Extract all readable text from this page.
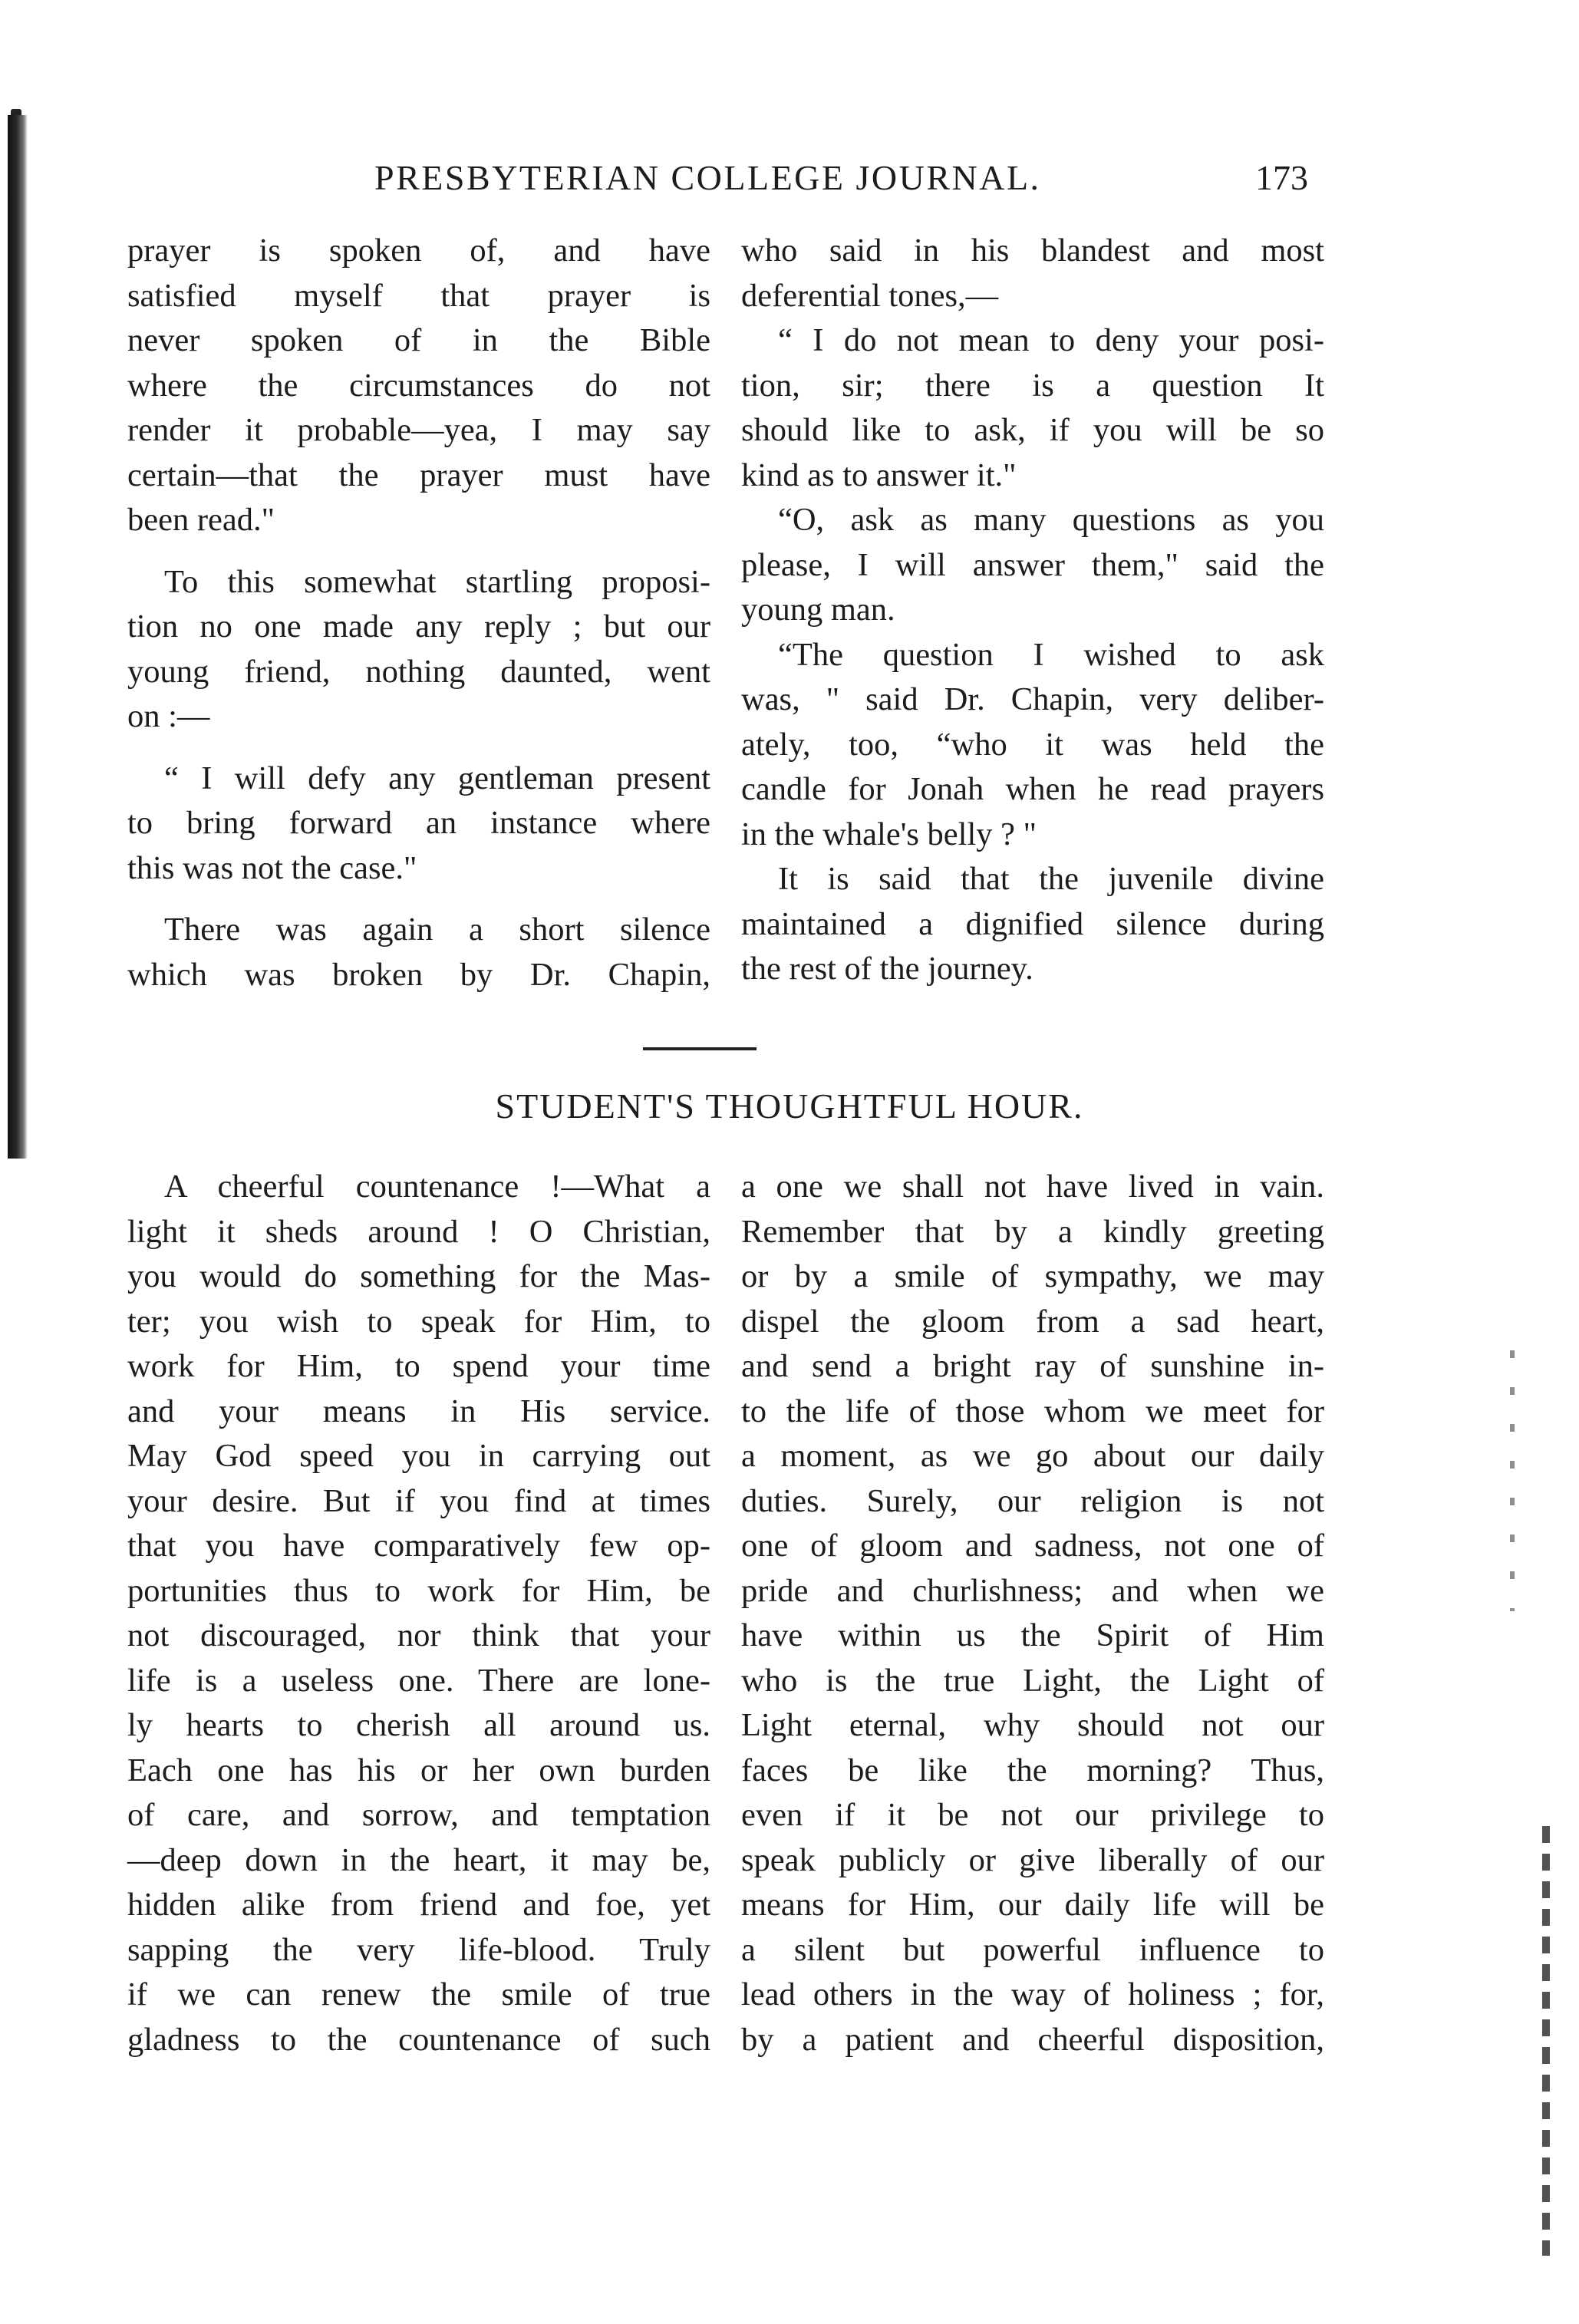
PRESBYTERIAN COLLEGE JOURNAL.	173

prayer is spoken of, and have

satisfied myself that prayer is

never spoken of in the Bible

where the circumstances do not

render it probable—yea, I may say

certain—that the prayer must have

been read."

To this somewhat startling proposi-

tion no one made any reply ; but our

young friend, nothing daunted, went

on :—

“ I will defy any gentleman present

to bring forward an instance where

this was not the case."

There was again a short silence

which was broken by Dr. Chapin,

who said in his blandest and most

deferential tones,—

“ I do not mean to deny your posi-

tion, sir; there is a question It

should like to ask, if you will be so

kind as to answer it."

“O, ask as many questions as you

please, I will answer them," said the

young man.

“The question I wished to ask

was, " said Dr. Chapin, very deliber-

ately, too, “who it was held the

candle for Jonah when he read prayers

in the whale's belly ? "

It is said that the juvenile divine

maintained a dignified silence during

the rest of the journey.

STUDENT'S THOUGHTFUL HOUR.

A cheerful countenance !—What a

light it sheds around ! O Christian,

you would do something for the Mas-

ter; you wish to speak for Him, to

work for Him, to spend your time

and your means in His service.

May God speed you in carrying out

your desire. But if you find at times

that you have comparatively few op-

portunities thus to work for Him, be

not discouraged, nor think that your

life is a useless one. There are lone-

ly hearts to cherish all around us.

Each one has his or her own burden

of care, and sorrow, and temptation

—deep down in the heart, it may be,

hidden alike from friend and foe, yet

sapping the very life-blood. Truly

if we can renew the smile of true

gladness to the countenance of such

a one we shall not have lived in vain.

Remember that by a kindly greeting

or by a smile of sympathy, we may

dispel the gloom from a sad heart,

and send a bright ray of sunshine in-

to the life of those whom we meet for

a moment, as we go about our daily

duties. Surely, our religion is not

one of gloom and sadness, not one of

pride and churlishness; and when we

have within us the Spirit of Him

who is the true Light, the Light of

Light eternal, why should not our

faces be like the morning? Thus,

even if it be not our privilege to

speak publicly or give liberally of our

means for Him, our daily life will be

a silent but powerful influence to

lead others in the way of holiness ; for,

by a patient and cheerful disposition,
